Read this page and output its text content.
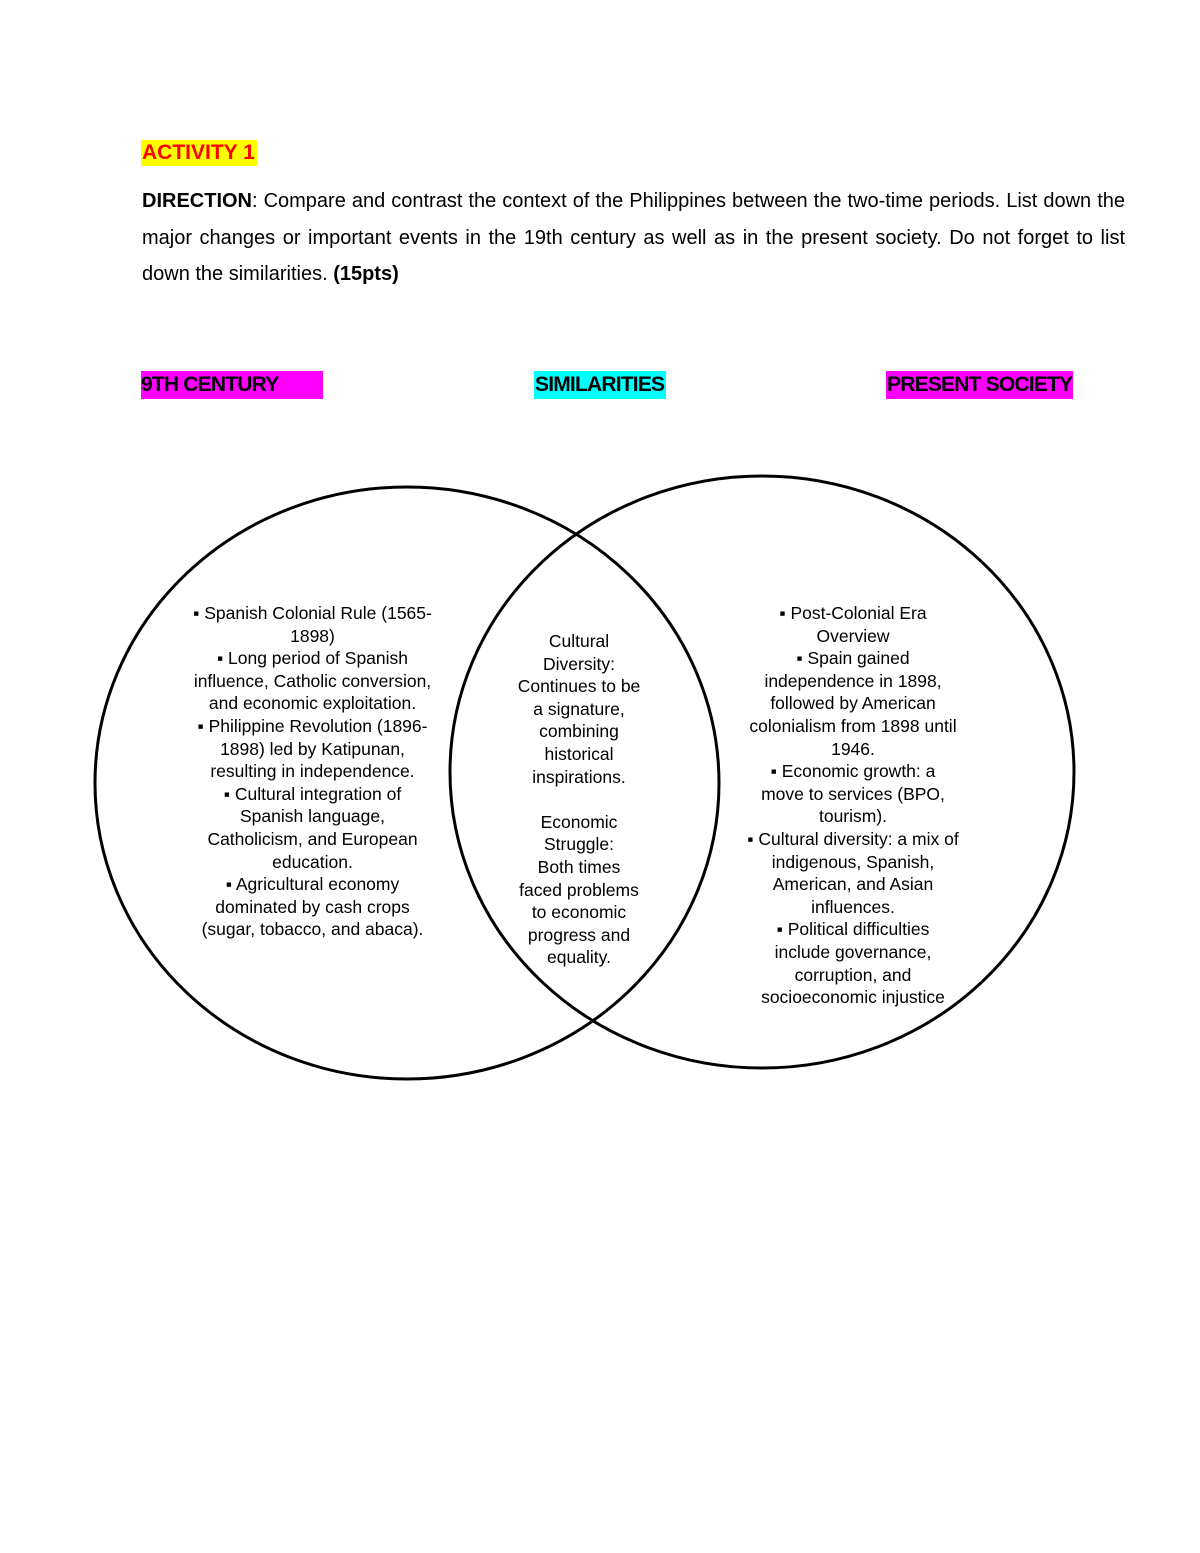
ACTIVITY 1

DIRECTION: Compare and contrast the context of the Philippines between the two-time periods. List down the major changes or important events in the 19th century as well as in the present society. Do not forget to list down the similarities. (15pts)

9TH CENTURY	SIMILARITIES	PRESENT SOCIETY
▪ Spanish Colonial Rule (1565-
1898)
▪ Long period of Spanish
influence, Catholic conversion,
and economic exploitation.
▪ Philippine Revolution (1896-
1898) led by Katipunan,
resulting in independence.
▪ Cultural integration of
Spanish language,
Catholicism, and European
education.
▪ Agricultural economy
dominated by cash crops
(sugar, tobacco, and abaca).
Cultural
Diversity:
Continues to be
a signature,
combining
historical
inspirations.
Economic
Struggle:
Both times
faced problems
to economic
progress and
equality.
▪ Post-Colonial Era
Overview
▪ Spain gained
independence in 1898,
followed by American
colonialism from 1898 until
1946.
▪ Economic growth: a
move to services (BPO,
tourism).
▪ Cultural diversity: a mix of
indigenous, Spanish,
American, and Asian
influences.
▪ Political difficulties
include governance,
corruption, and
socioeconomic injustice
